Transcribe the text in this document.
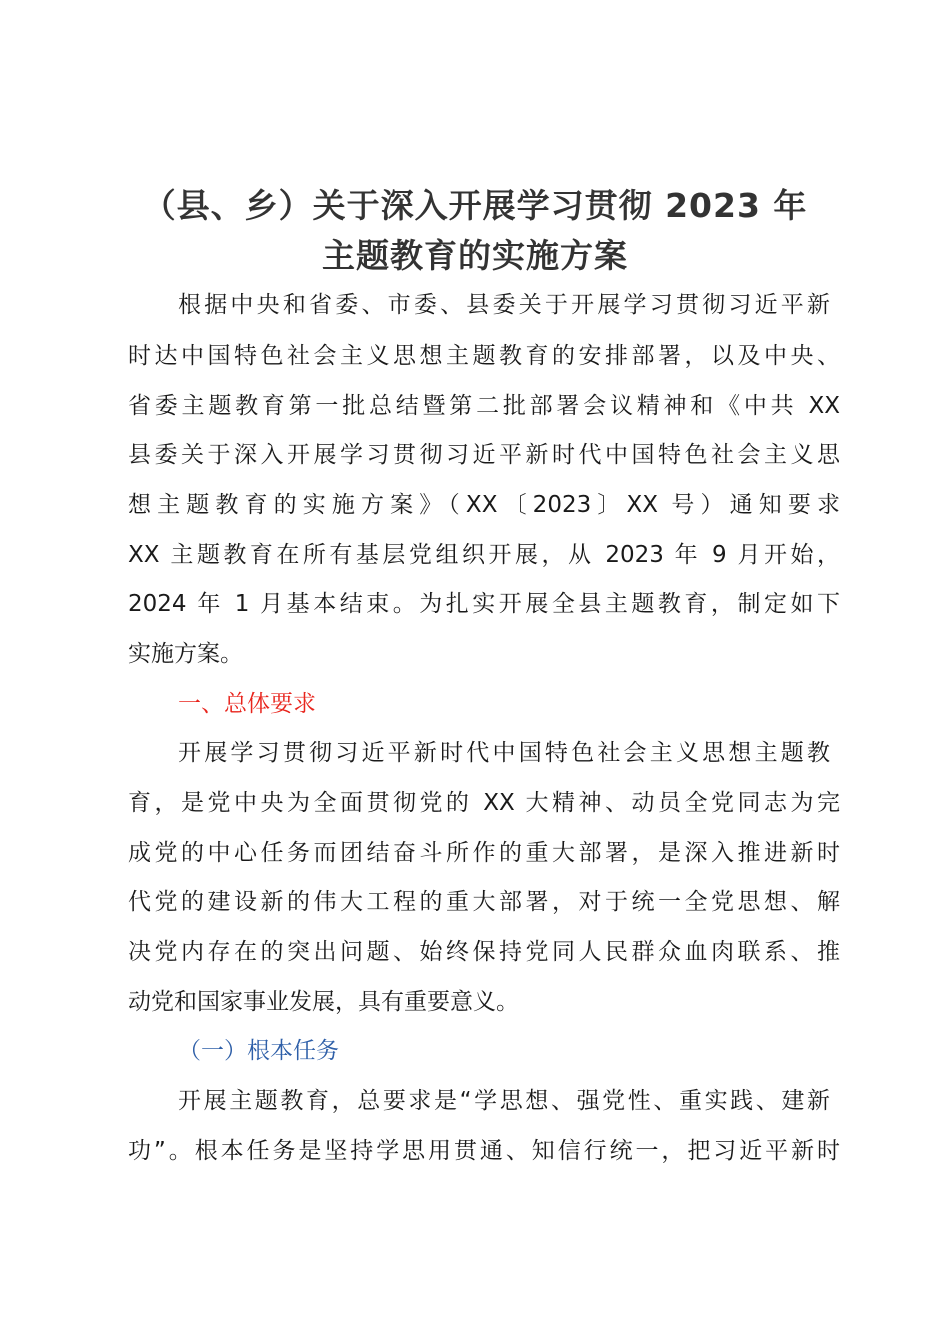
（县、乡）关于深入开展学习贯彻 2023 年
主题教育的实施方案
根据中央和省委、市委、县委关于开展学习贯彻习近平新
时达中国特色社会主义思想主题教育的安排部署，以及中央、
省委主题教育第一批总结暨第二批部署会议精神和《中共 XX
县委关于深入开展学习贯彻习近平新时代中国特色社会主义思
想主题教育的实施方案》（XX〔2023〕XX 号）通知要求
XX 主题教育在所有基层党组织开展，从 2023 年 9 月开始，
2024 年 1 月基本结束。为扎实开展全县主题教育，制定如下
实施方案。
一、总体要求
开展学习贯彻习近平新时代中国特色社会主义思想主题教
育，是党中央为全面贯彻党的 XX 大精神、动员全党同志为完
成党的中心任务而团结奋斗所作的重大部署，是深入推进新时
代党的建设新的伟大工程的重大部署，对于统一全党思想、解
决党内存在的突出问题、始终保持党同人民群众血肉联系、推
动党和国家事业发展，具有重要意义。
（一）根本任务
开展主题教育，总要求是“学思想、强党性、重实践、建新
功”。根本任务是坚持学思用贯通、知信行统一，把习近平新时
